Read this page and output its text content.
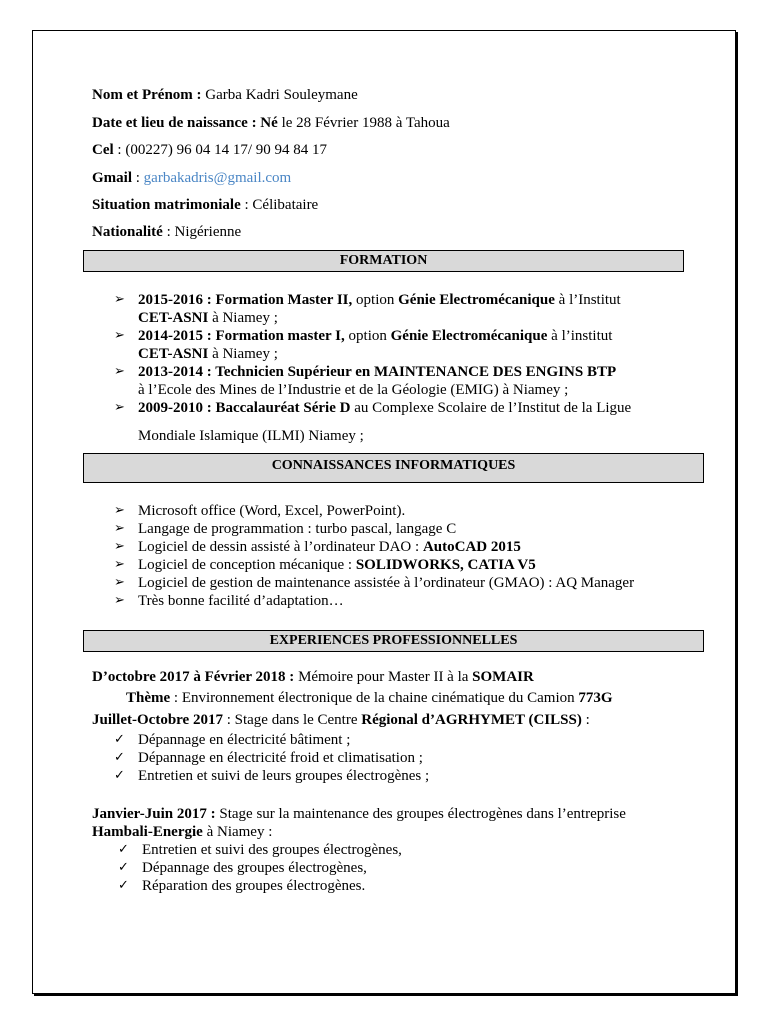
Nom et Prénom : Garba Kadri Souleymane
Date et lieu de naissance : Né le 28 Février 1988 à Tahoua
Cel : (00227) 96 04 14 17/ 90 94 84 17
Gmail : garbakadris@gmail.com
Situation matrimoniale : Célibataire
Nationalité : Nigérienne
FORMATION
➢ 2015-2016 : Formation Master II, option Génie Electromécanique à l’Institut
CET-ASNI à Niamey ;
➢ 2014-2015 : Formation master I, option Génie Electromécanique à l’institut
CET-ASNI à Niamey ;
➢ 2013-2014 : Technicien Supérieur en MAINTENANCE DES ENGINS BTP
à l’Ecole des Mines de l’Industrie et de la Géologie (EMIG) à Niamey ;
➢ 2009-2010 : Baccalauréat Série D au Complexe Scolaire de l’Institut de la Ligue
Mondiale Islamique (ILMI) Niamey ;
CONNAISSANCES INFORMATIQUES
➢ Microsoft office (Word, Excel, PowerPoint).
➢ Langage de programmation : turbo pascal, langage C
➢ Logiciel de dessin assisté à l’ordinateur DAO : AutoCAD 2015
➢ Logiciel de conception mécanique : SOLIDWORKS, CATIA V5
➢ Logiciel de gestion de maintenance assistée à l’ordinateur (GMAO) : AQ Manager
➢ Très bonne facilité d’adaptation…
EXPERIENCES PROFESSIONNELLES
D’octobre 2017 à Février 2018 : Mémoire pour Master II à la SOMAIR
Thème : Environnement électronique de la chaine cinématique du Camion 773G
Juillet-Octobre 2017 : Stage dans le Centre Régional d’AGRHYMET (CILSS) :
✓ Dépannage en électricité bâtiment ;
✓ Dépannage en électricité froid et climatisation ;
✓ Entretien et suivi de leurs groupes électrogènes ;
Janvier-Juin 2017 : Stage sur la maintenance des groupes électrogènes dans l’entreprise
Hambali-Energie à Niamey :
✓ Entretien et suivi des groupes électrogènes,
✓ Dépannage des groupes électrogènes,
✓ Réparation des groupes électrogènes.
